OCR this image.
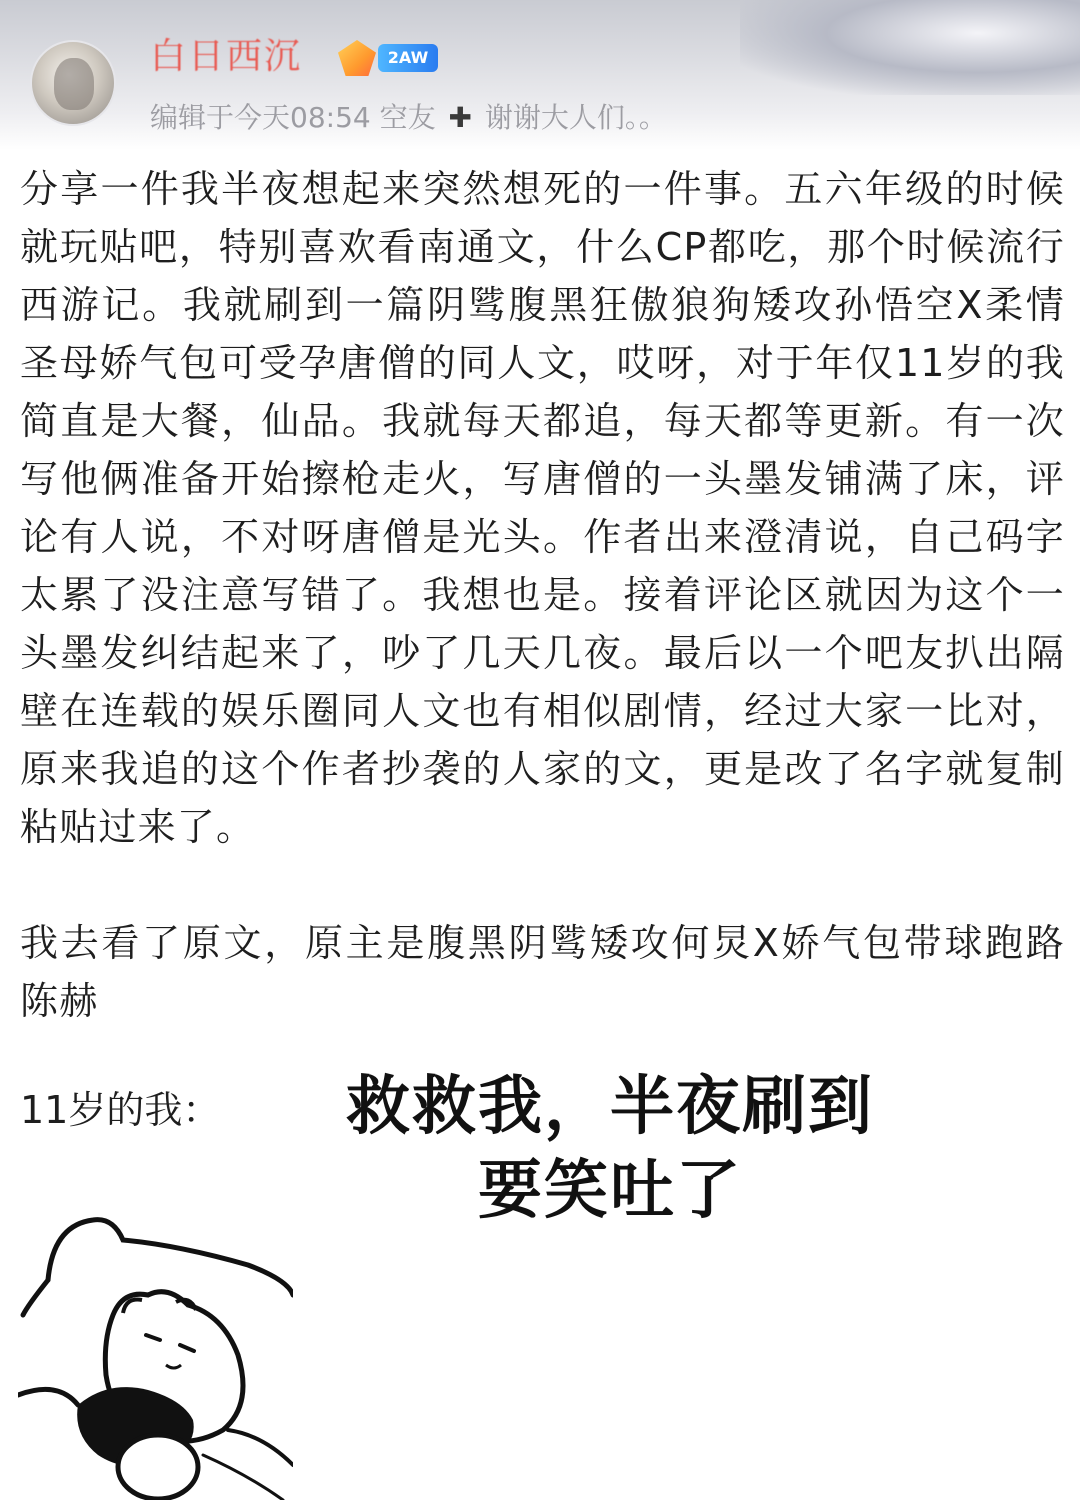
白日西沉	2AW
编辑于今天08:54 空友 ✚ 谢谢大人们。。

分享一件我半夜想起来突然想死的一件事。五六年级的时候就玩贴吧，特别喜欢看南通文，什么CP都吃，那个时候流行西游记。我就刷到一篇阴骘腹黑狂傲狼狗矮攻孙悟空X柔情圣母娇气包可受孕唐僧的同人文，哎呀，对于年仅11岁的我简直是大餐，仙品。我就每天都追，每天都等更新。有一次写他俩准备开始擦枪走火，写唐僧的一头墨发铺满了床，评论有人说，不对呀唐僧是光头。作者出来澄清说，自己码字太累了没注意写错了。我想也是。接着评论区就因为这个一头墨发纠结起来了，吵了几天几夜。最后以一个吧友扒出隔壁在连载的娱乐圈同人文也有相似剧情，经过大家一比对，原来我追的这个作者抄袭的人家的文，更是改了名字就复制粘贴过来了。

我去看了原文，原主是腹黑阴骘矮攻何炅X娇气包带球跑路陈赫

11岁的我： 救救我，半夜刷到
要笑吐了
